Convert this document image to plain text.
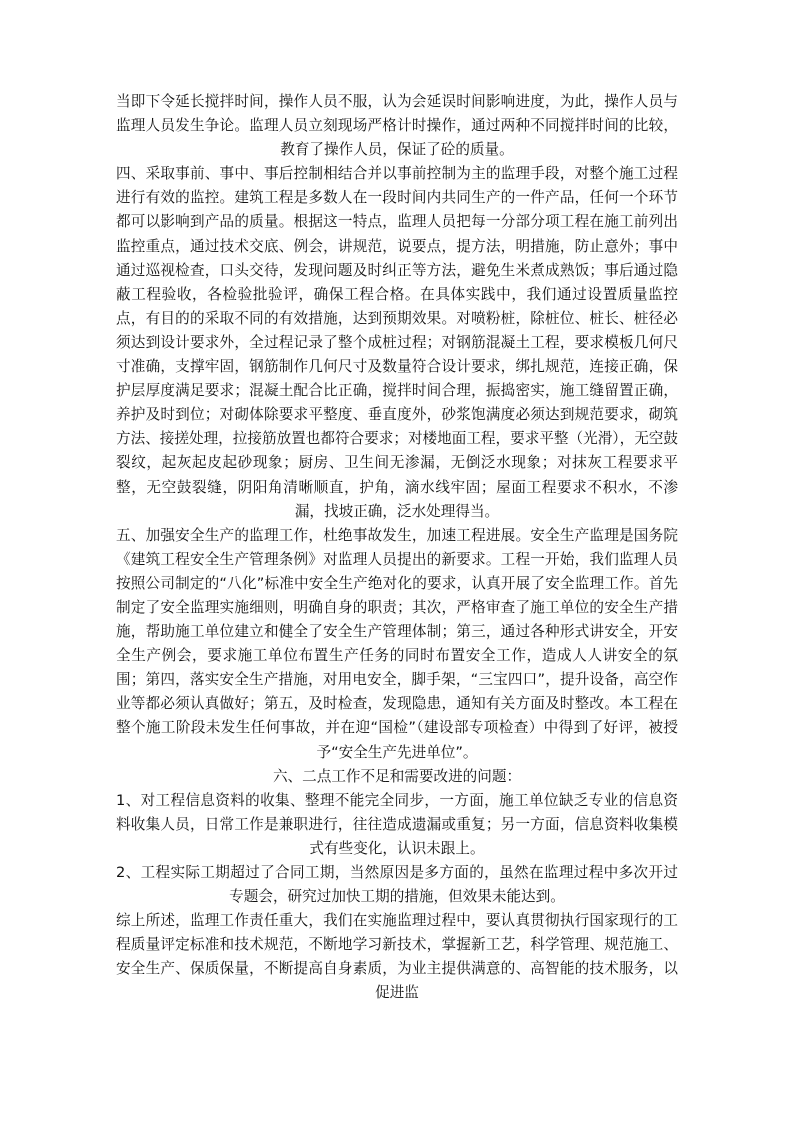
当即下令延长搅拌时间，操作人员不服，认为会延误时间影响进度，为此，操作人员与监理人员发生争论。监理人员立刻现场严格计时操作，通过两种不同搅拌时间的比较，教育了操作人员，保证了砼的质量。

四、采取事前、事中、事后控制相结合并以事前控制为主的监理手段，对整个施工过程进行有效的监控。建筑工程是多数人在一段时间内共同生产的一件产品，任何一个环节都可以影响到产品的质量。根据这一特点，监理人员把每一分部分项工程在施工前列出监控重点，通过技术交底、例会，讲规范，说要点，提方法，明措施，防止意外；事中通过巡视检查，口头交待，发现问题及时纠正等方法，避免生米煮成熟饭；事后通过隐蔽工程验收，各检验批验评，确保工程合格。在具体实践中，我们通过设置质量监控点，有目的的采取不同的有效措施，达到预期效果。对喷粉桩，除桩位、桩长、桩径必须达到设计要求外，全过程记录了整个成桩过程；对钢筋混凝土工程，要求模板几何尺寸准确，支撑牢固，钢筋制作几何尺寸及数量符合设计要求，绑扎规范，连接正确，保护层厚度满足要求；混凝土配合比正确，搅拌时间合理，振捣密实，施工缝留置正确，养护及时到位；对砌体除要求平整度、垂直度外，砂浆饱满度必须达到规范要求，砌筑方法、接搓处理，拉接筋放置也都符合要求；对楼地面工程，要求平整（光滑），无空鼓裂纹，起灰起皮起砂现象；厨房、卫生间无渗漏，无倒泛水现象；对抹灰工程要求平整，无空鼓裂缝，阴阳角清晰顺直，护角，滴水线牢固；屋面工程要求不积水，不渗漏，找坡正确，泛水处理得当。

五、加强安全生产的监理工作，杜绝事故发生，加速工程进展。安全生产监理是国务院《建筑工程安全生产管理条例》对监理人员提出的新要求。工程一开始，我们监理人员按照公司制定的“八化”标准中安全生产绝对化的要求，认真开展了安全监理工作。首先制定了安全监理实施细则，明确自身的职责；其次，严格审查了施工单位的安全生产措施，帮助施工单位建立和健全了安全生产管理体制；第三，通过各种形式讲安全，开安全生产例会，要求施工单位布置生产任务的同时布置安全工作，造成人人讲安全的氛围；第四，落实安全生产措施，对用电安全，脚手架，“三宝四口”，提升设备，高空作业等都必须认真做好；第五，及时检查，发现隐患，通知有关方面及时整改。本工程在整个施工阶段未发生任何事故，并在迎“国检”（建设部专项检查）中得到了好评，被授予“安全生产先进单位”。

六、二点工作不足和需要改进的问题：

1、对工程信息资料的收集、整理不能完全同步，一方面，施工单位缺乏专业的信息资料收集人员，日常工作是兼职进行，往往造成遗漏或重复；另一方面，信息资料收集模式有些变化，认识未跟上。

2、工程实际工期超过了合同工期，当然原因是多方面的，虽然在监理过程中多次开过专题会，研究过加快工期的措施，但效果未能达到。

综上所述，监理工作责任重大，我们在实施监理过程中，要认真贯彻执行国家现行的工程质量评定标准和技术规范，不断地学习新技术，掌握新工艺，科学管理、规范施工、安全生产、保质保量，不断提高自身素质，为业主提供满意的、高智能的技术服务，以促进监
